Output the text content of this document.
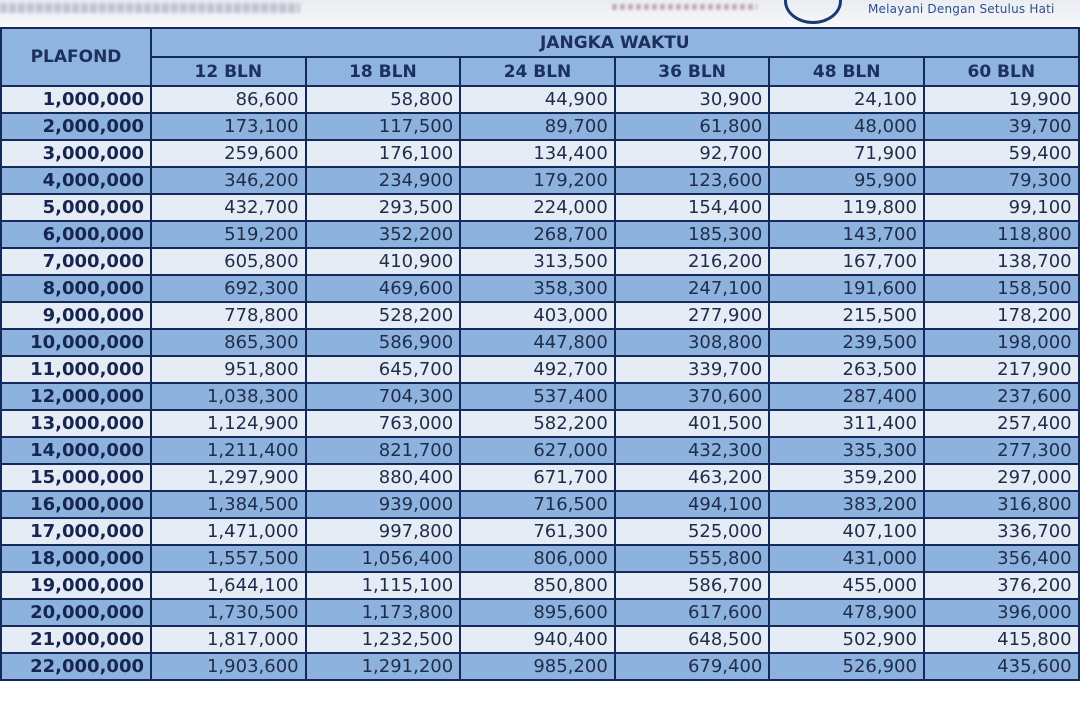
Melayani Dengan Setulus Hati
PLAFOND	JANGKA WAKTU					
	12 BLN	18 BLN	24 BLN	36 BLN	48 BLN	60 BLN
1,000,000	86,600	58,800	44,900	30,900	24,100	19,900
2,000,000	173,100	117,500	89,700	61,800	48,000	39,700
3,000,000	259,600	176,100	134,400	92,700	71,900	59,400
4,000,000	346,200	234,900	179,200	123,600	95,900	79,300
5,000,000	432,700	293,500	224,000	154,400	119,800	99,100
6,000,000	519,200	352,200	268,700	185,300	143,700	118,800
7,000,000	605,800	410,900	313,500	216,200	167,700	138,700
8,000,000	692,300	469,600	358,300	247,100	191,600	158,500
9,000,000	778,800	528,200	403,000	277,900	215,500	178,200
10,000,000	865,300	586,900	447,800	308,800	239,500	198,000
11,000,000	951,800	645,700	492,700	339,700	263,500	217,900
12,000,000	1,038,300	704,300	537,400	370,600	287,400	237,600
13,000,000	1,124,900	763,000	582,200	401,500	311,400	257,400
14,000,000	1,211,400	821,700	627,000	432,300	335,300	277,300
15,000,000	1,297,900	880,400	671,700	463,200	359,200	297,000
16,000,000	1,384,500	939,000	716,500	494,100	383,200	316,800
17,000,000	1,471,000	997,800	761,300	525,000	407,100	336,700
18,000,000	1,557,500	1,056,400	806,000	555,800	431,000	356,400
19,000,000	1,644,100	1,115,100	850,800	586,700	455,000	376,200
20,000,000	1,730,500	1,173,800	895,600	617,600	478,900	396,000
21,000,000	1,817,000	1,232,500	940,400	648,500	502,900	415,800
22,000,000	1,903,600	1,291,200	985,200	679,400	526,900	435,600
